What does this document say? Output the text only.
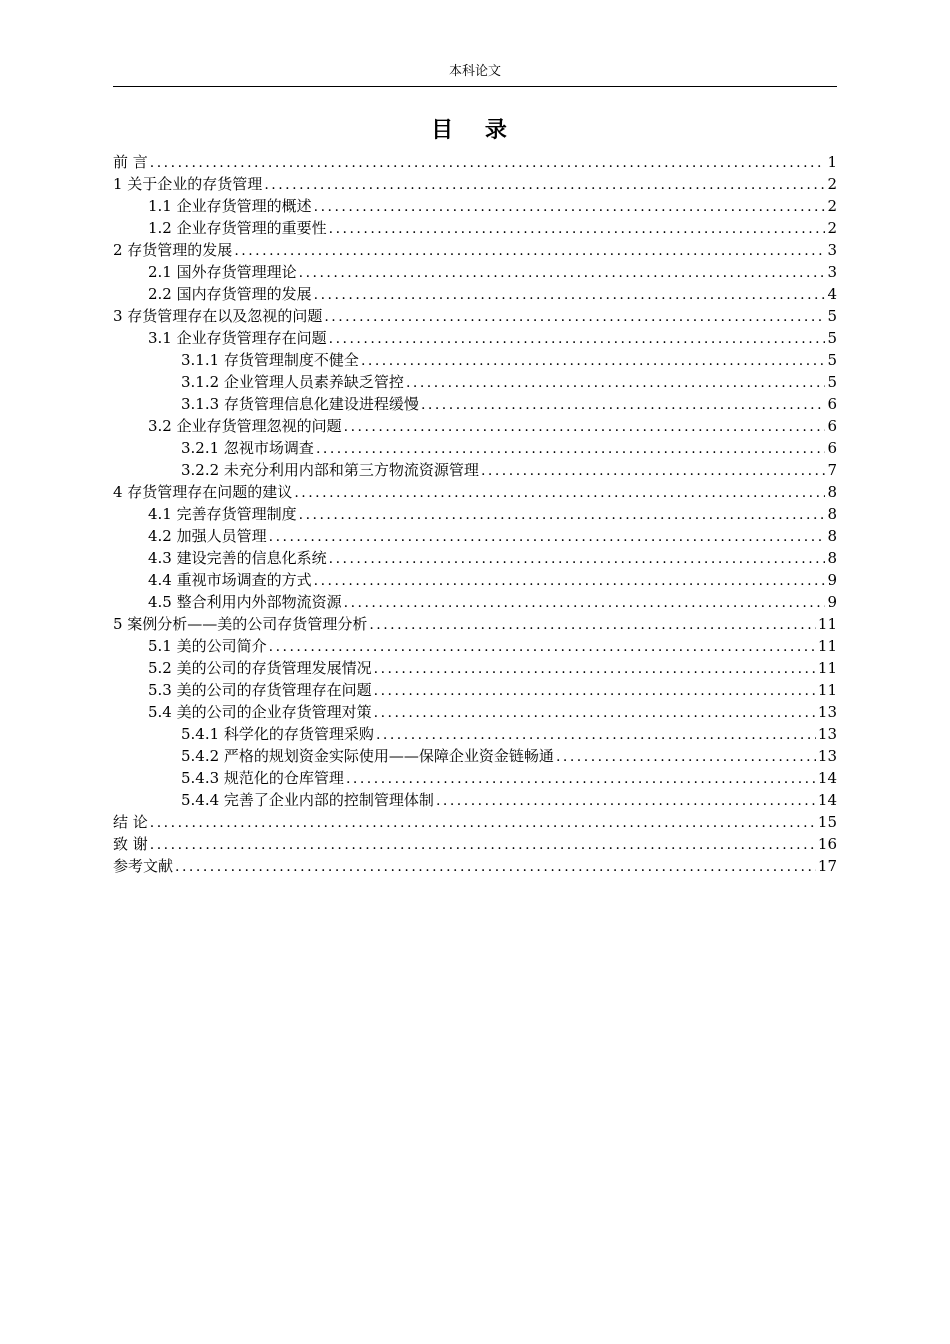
本科论文
目 录
前 言 .....	1
1 关于企业的存货管理 .....	2
1.1 企业存货管理的概述 .....	2
1.2 企业存货管理的重要性 .....	2
2 存货管理的发展 .....	3
2.1 国外存货管理理论 .....	3
2.2 国内存货管理的发展 .....	4
3 存货管理存在以及忽视的问题 .....	5
3.1 企业存货管理存在问题 .....	5
3.1.1 存货管理制度不健全 .....	5
3.1.2 企业管理人员素养缺乏管控 .....	5
3.1.3 存货管理信息化建设进程缓慢 .....	6
3.2 企业存货管理忽视的问题 .....	6
3.2.1 忽视市场调查 .....	6
3.2.2 未充分利用内部和第三方物流资源管理 .....	7
4 存货管理存在问题的建议 .....	8
4.1 完善存货管理制度 .....	8
4.2 加强人员管理 .....	8
4.3 建设完善的信息化系统 .....	8
4.4 重视市场调查的方式 .....	9
4.5 整合利用内外部物流资源 .....	9
5 案例分析——美的公司存货管理分析 .....	11
5.1 美的公司简介 .....	11
5.2 美的公司的存货管理发展情况 .....	11
5.3 美的公司的存货管理存在问题 .....	11
5.4 美的公司的企业存货管理对策 .....	13
5.4.1 科学化的存货管理采购 .....	13
5.4.2 严格的规划资金实际使用——保障企业资金链畅通 .....	13
5.4.3 规范化的仓库管理 .....	14
5.4.4 完善了企业内部的控制管理体制 .....	14
结 论 .....	15
致 谢 .....	16
参考文献 .....	17
